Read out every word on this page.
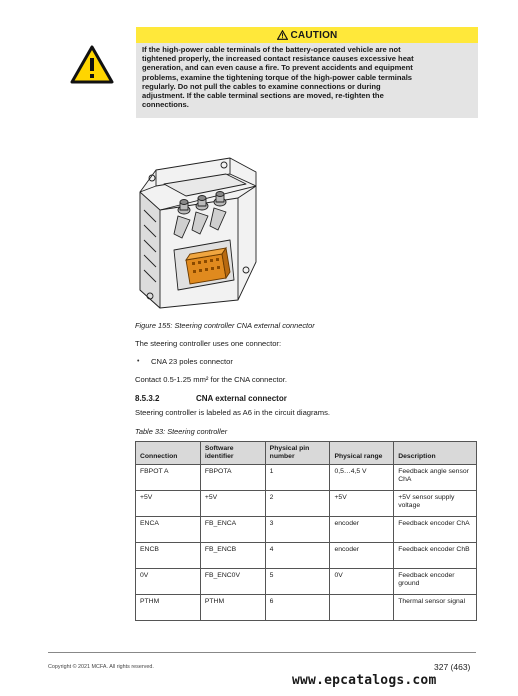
CAUTION
If the high-power cable terminals of the battery-operated vehicle are not
tightened properly, the increased contact resistance causes excessive heat
generation, and can even cause a fire. To prevent accidents and equipment
problems, examine the tightening torque of the high-power cable terminals
regularly. Do not pull the cables to examine connections or during
adjustment. If the cable terminal sections are moved, re-tighten the
connections.
Figure 155: Steering controller CNA external connector
The steering controller uses one connector:
• CNA 23 poles connector
Contact 0.5-1.25 mm² for the CNA connector.
8.5.3.2	CNA external connector
Steering controller is labeled as A6 in the circuit diagrams.
Table 33: Steering controller
Connection	Software identifier	Physical pin number	Physical range	Description
FBPOT A	FBPOTA	1	0,5…4,5 V	Feedback angle sensor ChA
+5V	+5V	2	+5V	+5V sensor supply voltage
ENCA	FB_ENCA	3	encoder	Feedback encoder ChA
ENCB	FB_ENCB	4	encoder	Feedback encoder ChB
0V	FB_ENC0V	5	0V	Feedback encoder ground
PTHM	PTHM	6		Thermal sensor signal
Copyright © 2021 MCFA. All rights reserved.	327 (463)
www.epcatalogs.com
